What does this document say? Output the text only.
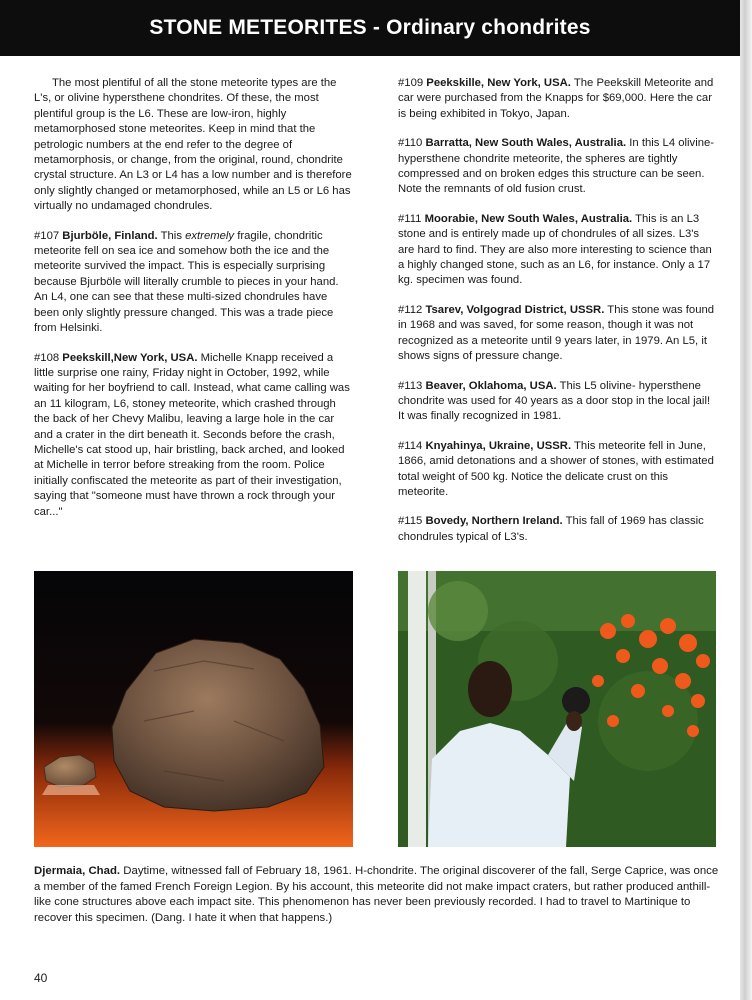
STONE METEORITES - Ordinary chondrites

The most plentiful of all the stone meteorite types are the L's, or olivine hypersthene chondrites. Of these, the most plentiful group is the L6. These are low-iron, highly metamorphosed stone meteorites. Keep in mind that the petrologic numbers at the end refer to the degree of metamorphosis, or change, from the original, round, chondrite crystal structure. An L3 or L4 has a low number and is therefore only slightly changed or metamorphosed, while an L5 or L6 has virtually no undamaged chondrules.

#107 Bjurböle, Finland. This extremely fragile, chondritic meteorite fell on sea ice and somehow both the ice and the meteorite survived the impact. This is especially surprising because Bjurböle will literally crumble to pieces in your hand. An L4, one can see that these multi-sized chondrules have been only slightly pressure changed. This was a trade piece from Helsinki.

#108 Peekskill,New York, USA. Michelle Knapp received a little surprise one rainy, Friday night in October, 1992, while waiting for her boyfriend to call. Instead, what came calling was an 11 kilogram, L6, stoney meteorite, which crashed through the back of her Chevy Malibu, leaving a large hole in the car and a crater in the dirt beneath it. Seconds before the crash, Michelle's cat stood up, hair bristling, back arched, and looked at Michelle in terror before streaking from the room. Police initially confiscated the meteorite as part of their investigation, saying that "someone must have thrown a rock through your car..."

#109 Peekskille, New York, USA. The Peekskill Meteorite and car were purchased from the Knapps for $69,000. Here the car is being exhibited in Tokyo, Japan.

#110 Barratta, New South Wales, Australia. In this L4 olivine-hypersthene chondrite meteorite, the spheres are tightly compressed and on broken edges this structure can be seen. Note the remnants of old fusion crust.

#111 Moorabie, New South Wales, Australia. This is an L3 stone and is entirely made up of chondrules of all sizes. L3's are hard to find. They are also more interesting to science than a highly changed stone, such as an L6, for instance. Only a 17 kg. specimen was found.

#112 Tsarev, Volgograd District, USSR. This stone was found in 1968 and was saved, for some reason, though it was not recognized as a meteorite until 9 years later, in 1979. An L5, it shows signs of pressure change.

#113 Beaver, Oklahoma, USA. This L5 olivine- hypersthene chondrite was used for 40 years as a door stop in the local jail! It was finally recognized in 1981.

#114 Knyahinya, Ukraine, USSR. This meteorite fell in June, 1866, amid detonations and a shower of stones, with estimated total weight of 500 kg. Notice the delicate crust on this meteorite.

#115 Bovedy, Northern Ireland. This fall of 1969 has classic chondrules typical of L3's.

Djermaia, Chad. Daytime, witnessed fall of February 18, 1961. H-chondrite. The original discoverer of the fall, Serge Caprice, was once a member of the famed French Foreign Legion. By his account, this meteorite did not make impact craters, but rather produced anthill-like cone structures above each impact site. This phenomenon has never been previously recorded. I had to travel to Martinique to recover this specimen. (Dang. I hate it when that happens.)
40
